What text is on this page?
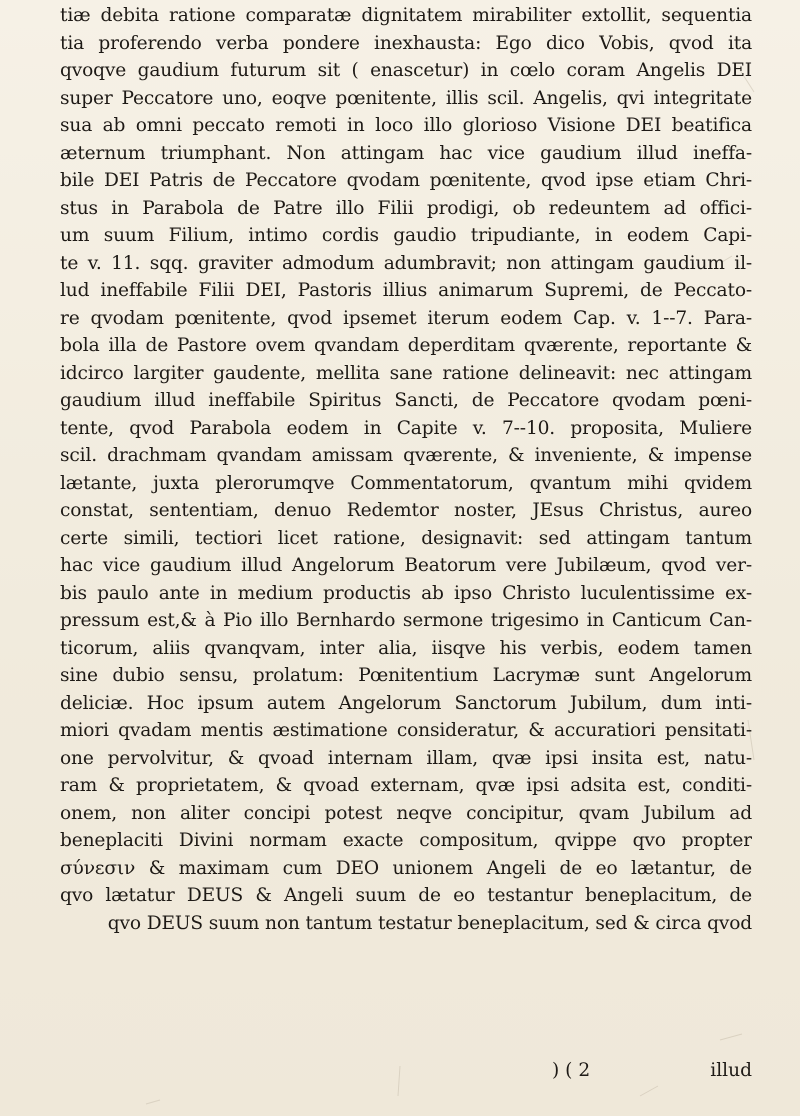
tiæ debita ratione comparatæ dignitatem mirabiliter extollit, sequentia
tia proferendo verba pondere inexhausta: Ego dico Vobis, qvod ita
qvoqve gaudium futurum sit ( enascetur) in cœlo coram Angelis DEI
super Peccatore uno, eoqve pœnitente, illis scil. Angelis, qvi integritate
sua ab omni peccato remoti in loco illo glorioso Visione DEI beatifica
æternum triumphant. Non attingam hac vice gaudium illud ineffa-
bile DEI Patris de Peccatore qvodam pœnitente, qvod ipse etiam Chri-
stus in Parabola de Patre illo Filii prodigi, ob redeuntem ad offici-
um suum Filium, intimo cordis gaudio tripudiante, in eodem Capi-
te v. 11. sqq. graviter admodum adumbravit; non attingam gaudium il-
lud ineffabile Filii DEI, Pastoris illius animarum Supremi, de Peccato-
re qvodam pœnitente, qvod ipsemet iterum eodem Cap. v. 1--7. Para-
bola illa de Pastore ovem qvandam deperditam qværente, reportante &
idcirco largiter gaudente, mellita sane ratione delineavit: nec attingam
gaudium illud ineffabile Spiritus Sancti, de Peccatore qvodam pœni-
tente, qvod Parabola eodem in Capite v. 7--10. proposita, Muliere
scil. drachmam qvandam amissam qværente, & inveniente, & impense
lætante, juxta plerorumqve Commentatorum, qvantum mihi qvidem
constat, sententiam, denuo Redemtor noster, JEsus Christus, aureo
certe simili, tectiori licet ratione, designavit: sed attingam tantum
hac vice gaudium illud Angelorum Beatorum vere Jubilæum, qvod ver-
bis paulo ante in medium productis ab ipso Christo luculentissime ex-
pressum est,& à Pio illo Bernhardo sermone trigesimo in Canticum Can-
ticorum, aliis qvanqvam, inter alia, iisqve his verbis, eodem tamen
sine dubio sensu, prolatum: Pœnitentium Lacrymæ sunt Angelorum
deliciæ. Hoc ipsum autem Angelorum Sanctorum Jubilum, dum inti-
miori qvadam mentis æstimatione consideratur, & accuratiori pensitati-
one pervolvitur, & qvoad internam illam, qvæ ipsi insita est, natu-
ram & proprietatem, & qvoad externam, qvæ ipsi adsita est, conditi-
onem, non aliter concipi potest neqve concipitur, qvam Jubilum ad
beneplaciti Divini normam exacte compositum, qvippe qvo propter
σύνεσιν & maximam cum DEO unionem Angeli de eo lætantur, de
qvo lætatur DEUS & Angeli suum de eo testantur beneplacitum, de
qvo DEUS suum non tantum testatur beneplacitum, sed & circa qvod
) ( 2	illud
